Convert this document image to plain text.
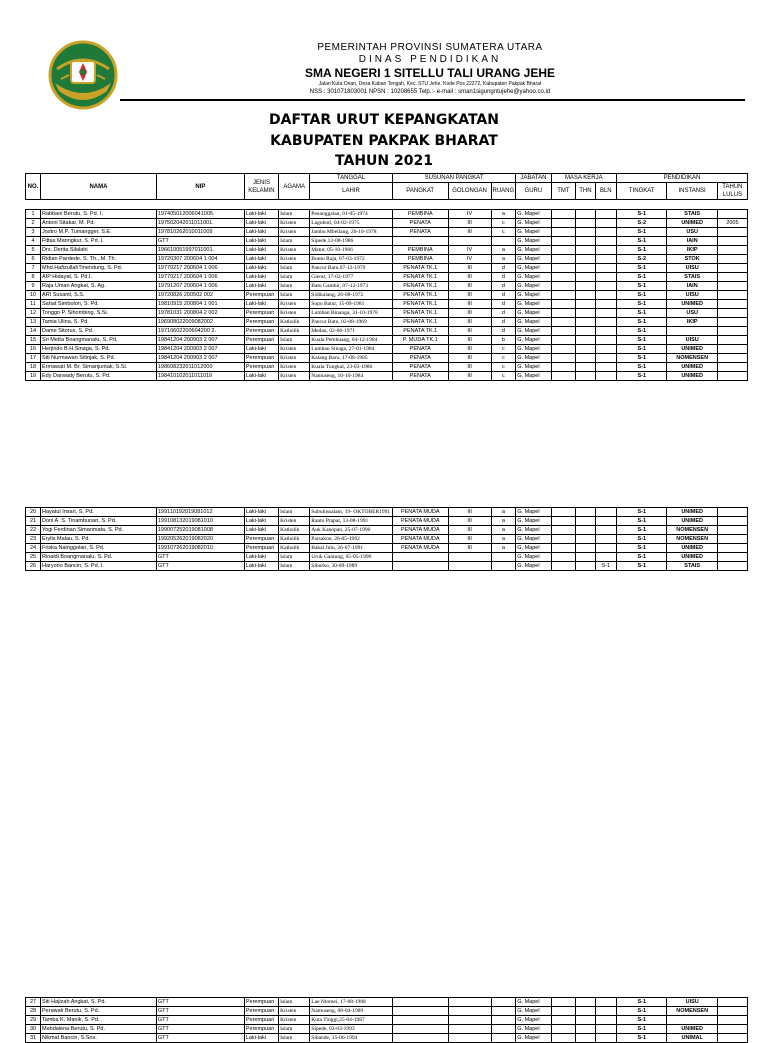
PEMERINTAH PROVINSI SUMATERA UTARA
DINAS PENDIDIKAN
SMA NEGERI 1 SITELLU TALI URANG JEHE
Jalan Kuta Onan, Desa Kaban Tengah, Kec. STU Jehe, Kode Pos 22272, Kabupaten Pakpak Bharat
NSS : 301071803001 NPSN : 10208655 Telp.:- e-mail : sman1sigungntujehe@yahoo.co.id
DAFTAR URUT KEPANGKATAN
KABUPATEN PAKPAK BHARAT
TAHUN 2021
NO.	NAMA	NIP	JENIS KELAMIN	AGAMA	TANGGAL	SUSUNAN PANGKAT			JABATAN	MASA KERJA			PENDIDIKAN		
													TINGKAT	INSTANSI	TAHUN LULUS
					LAHIR	PANGKAT	GOLONGAN	RUANG	GURU	TMT	THN	BLN			
1	Rabbani Berutu, S. Pd. I.	197405012006041005.	Laki-laki	Islam	Penanggalan, 01-05-1974	PEMBINA	IV	a	G. Mapel				S-1	STAIS	
2	Antoni Sitakar, M. Pd.	197502042011011001.	Laki-laki	Kristen	Lagubotl, 04-02-1975	PENATA	III	c	G. Mapel				S-2	UNIMED	2005
3	Jostro M.P. Tumangger, S.E.	197810262010011009	Laki-laki	Kristen	Jambu Mbellang, 26-10-1978	PENATA	III	c	G. Mapel				S-1	USU	
4	Fittas Manngkur, S. Pd. I.	GTT	Laki-laki	Islam	Sipede,12-08-1986				G. Mapel				S-1	IAIN	
5	Drs. Derita Silalahi	196610051997011001.	Laki-laki	Kristen	Matur, 05-10-1966	PEMBINA	IV	a	G. Mapel				S-1	IKIP	
6	Ridian Pardede, S. Th., M. Th.	19720307 200604 1 004	Laki-laki	Kristen	Buntu Raja, 07-03-1972	PEMBINA	IV	a	G. Mapel				S-2	STOK	
7	Mhd.HafizullahTinendung, S. Pd.	19770217 200604 1 006	Laki-laki	Islam	Pancur Batu,07-12-1979	PENATA TK.1	III	d	G. Mapel				S-1	UISU	
8	AIP Hidayat, S. Pd.I.	19770217 200604 1 006	Laki-laki	Islam	Gierat, 17-02-1977	PENATA TK.1	III	d	G. Mapel				S-1	STAIS	
9	Raja Uman Angkat, S. Ag.	19791207 200604 1 006	Laki-laki	Islam	Batu Gambir, 07-12-1973	PENATA TK.1	III	d	G. Mapel				S-1	IAIN	
10	ARI Susanti, S.S.	19720826 200502 002	Perempuan	Islam	Sidikalang, 26-08-1972	PENATA TK.1	III	d	G. Mapel				S-1	UISU	
11	Sahat Simbolon, S. Pd.	19810915 200804 1 001	Laki-laki	Kristen	Sopo Batur, 15-09-1981	PENATA TK.1	III	d	G. Mapel				S-1	UNIMED	
12	Tonggo P. Sihombing, S.Si.	19781031 200804 2 002	Perempuan	Kristen	Lumban Binanga, 31-10-1978	PENATA TK.1	III	d	G. Mapel				S-1	USU	
13	Tamia Ulina, S. Pd.	196908022009082002	Perempuan	Katholik	Pancur Batu, 02-08-1969	PENATA TK.1	III	d	G. Mapel				S-1	IKIP	
14	Dame Sitorus, S. Pd.	19710602200604200 2.	Perempuan	Katholik	Medan, 02-06-1971	PENATA TK.1	III	d	G. Mapel				S-1		
15	Sri Metta Boangmanalu, S. Pd.	19841204 200903 2 007	Perempuan	Islam	Kuala Pembuang, 04-12-1984	P. MUDA TK.1	III	b	G. Mapel				S-1	UISU	
16	Herjindo B.H.Sinaga, S. Pd.	19841204 200903 2 007	Laki-laki	Kristen	Lumban Sinaga, 27-01-1984	PENATA	III	c	G. Mapel				S-1	UNIMED	
17	Siti Nurmawan Sitinjak, S. Pd.	19841204 200903 2 007	Perempuan	Kristen	Kalang Baru, 17-08-1985	PENATA	III	c	G. Mapel				S-1	NOMENSEN	
18	Ermawati M. Br. Simanjuntak, S.Si.	198608232011012000	Perempuan	Kristen	Kuala Tungkal, 23-03-1986	PENATA	III	c	G. Mapel				S-1	UNIMED	
19	Edy Darwady Berutu, S. Pd.	198410102011011019	Laki-laki	Kristen	Namuseng, 10-10-1984	PENATA	III	c	G. Mapel				S-1	UNIMED	
20	Hayatul Insan, S. Pd.	199110192019081012	Laki-laki	Islam	Subulussalam, 19- OKTOBER1991	PENATA MUDA	III	a	G. Mapel				S-1	UNIMED	
21	Doni A. S. Tinambunan, S. Pd.	199108132019081010	Laki-laki	Kristen	Ranto Prapat, 13-08-1991	PENATA MUDA	III	a	G. Mapel				S-1	UNIMED	
22	Yogi Ferdinan Simanmata, S. Pd.	199007252019081008	Laki-laki	Katholik	Auk Kanopan, 25-07-1990	PENATA MUDA	III	a	G. Mapel				S-1	NOMENSEN	
23	Erylis Malau, S. Pd.	199205262019082020	Perempuan	Katholik	Parsakon, 26-05-1992	PENATA MUDA	III	a	G. Mapel				S-1	NOMENSEN	
24	Friska Nainggolan, S. Pd.	199107262019082010	Perempuan	Katholik	Bakal Julu, 26-07-1991	PENATA MUDA	III	a	G. Mapel				S-1	UNIMED	
25	Rinaldi Boangmanalu, S. Pd.	GTT	Laki-laki	Islam	Uruk Gantung, 05-05-1990				G. Mapel				S-1	UNIMED	
26	Haryono Bancin, S. Pd. I.	GTT	Laki-laki	Islam	Siburko, 30-09-1989				G. Mapel			S-1	S-1	STAIS	
27	Siti Hajizah Angkat, S. Pd.	GTT	Perempuan	Islam	Lae Ntomei, 17-08-1988				G. Mapel				S-1	UISU	
28	Perawati Berutu, S. Pd.	GTT	Perempuan	Kristen	Namuseng, 08-04-1989				G. Mapel				S-1	NOMENSEN	
29	Tamba K. Manik, S. Pd.	GTT	Perempuan	Kristen	Kuta Tinggi,25-04-1987				G. Mapel				S-1		
30	Mahdalena Berutu, S. Pd.	GTT	Perempuan	Islam	Sipede, 03-03-1993				G. Mapel				S-1	UNIMED	
31	Nikmat Bancin, S.Sos.	GTT	Laki-laki	Islam	Sibande, 15-06-1994				G. Mapel				S-1	UNIMAL	
